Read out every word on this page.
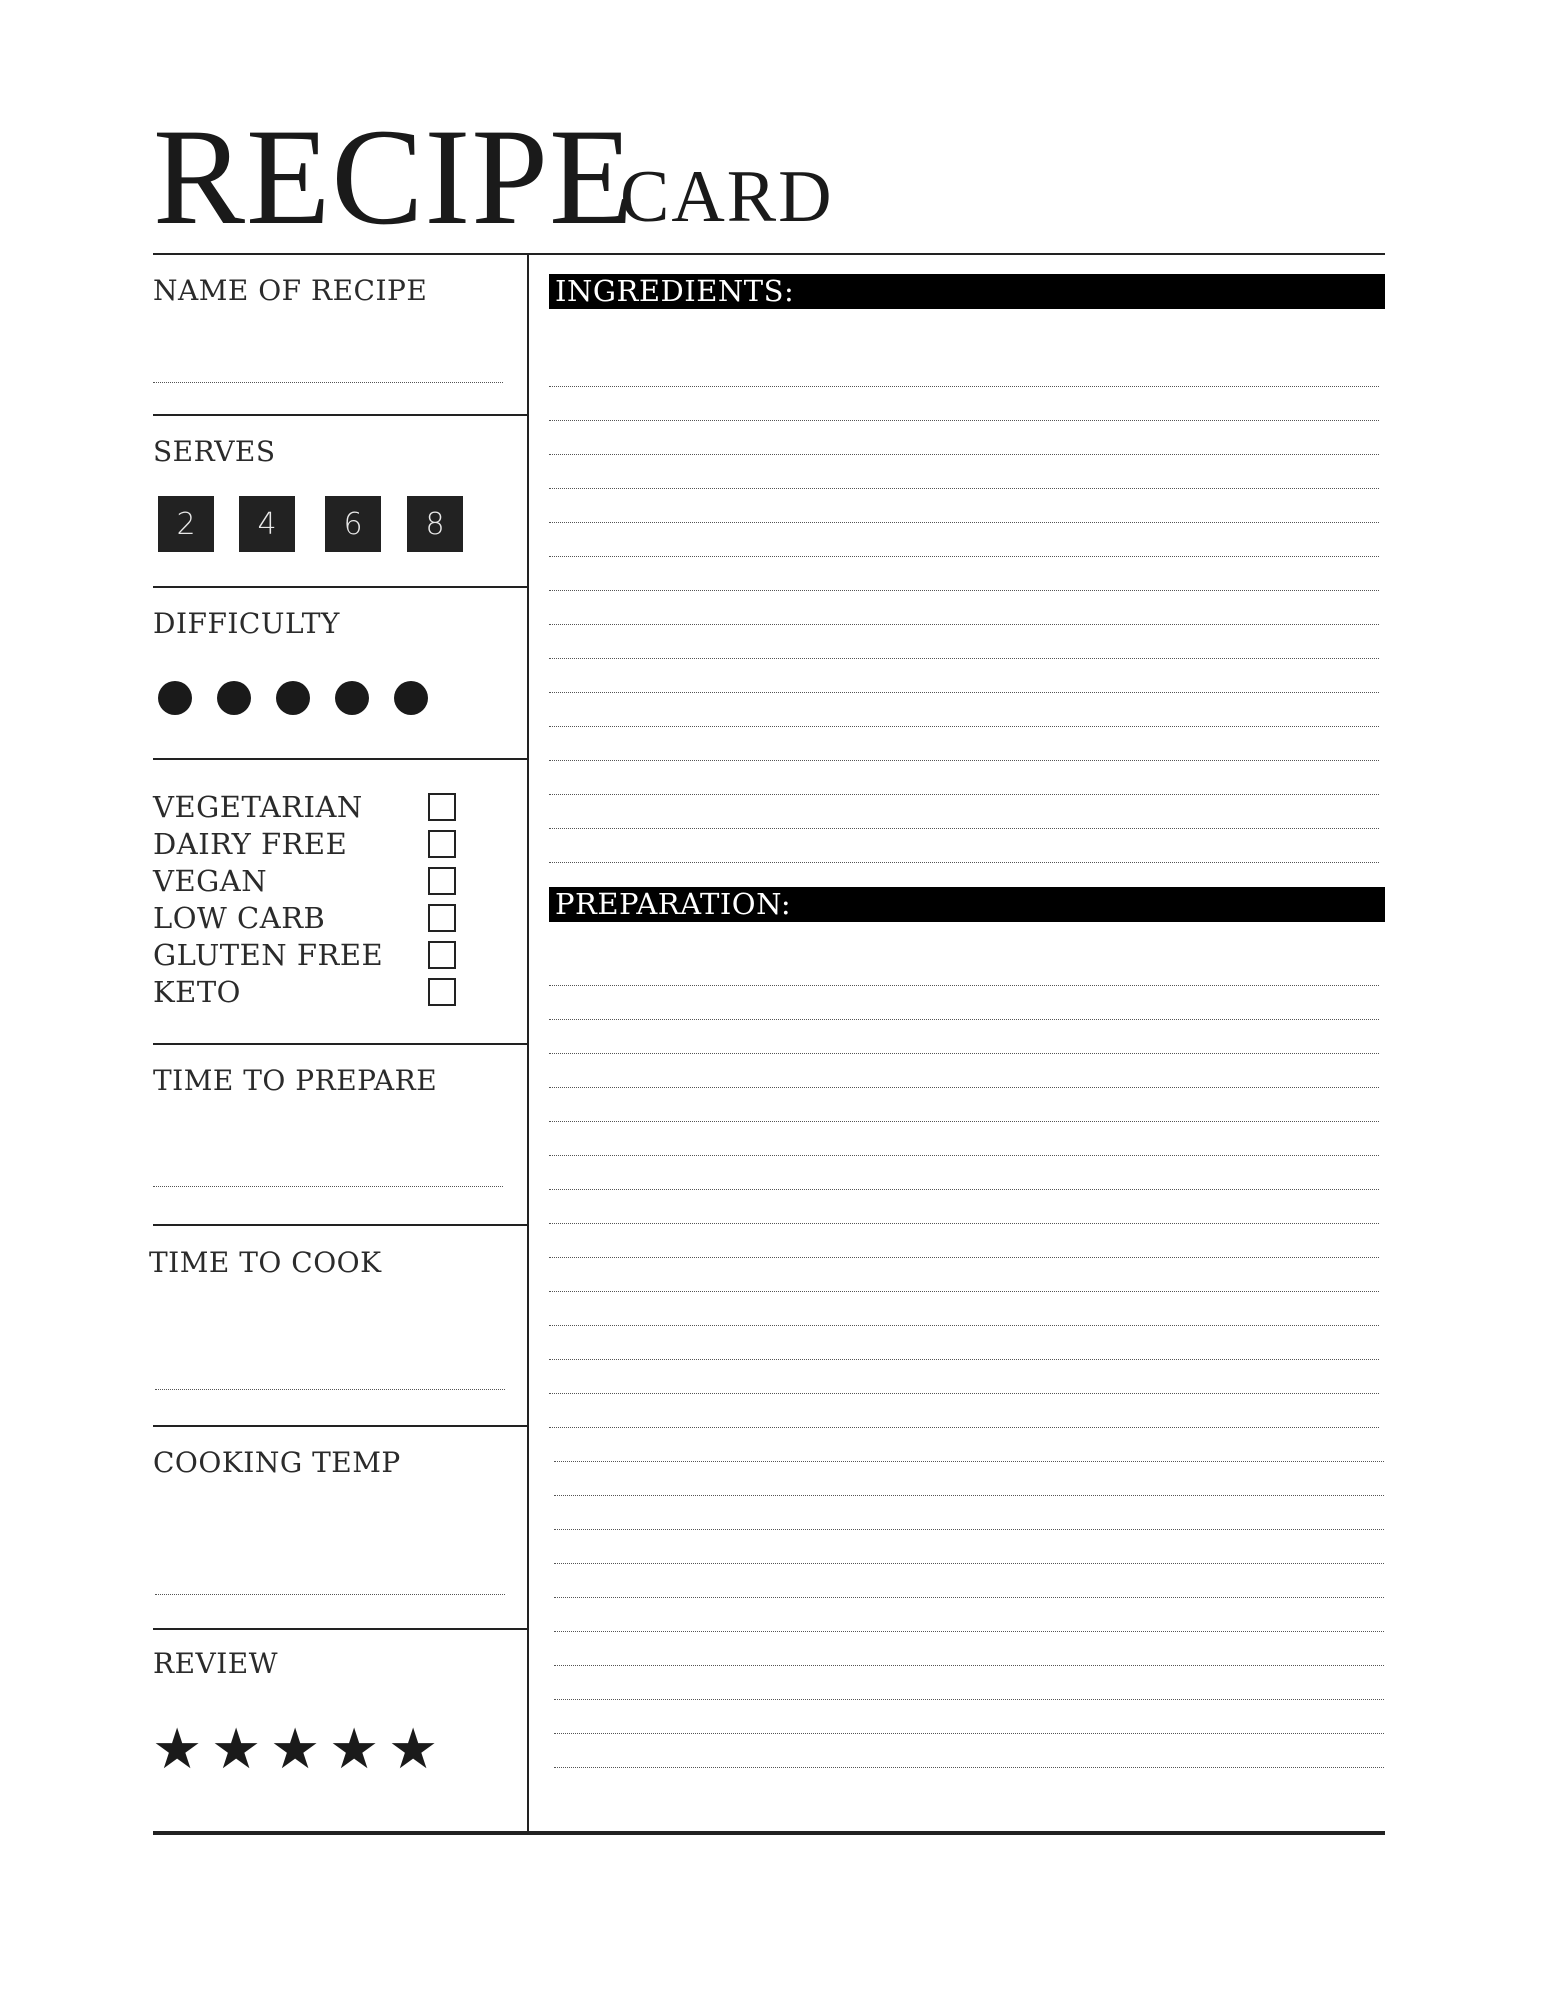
RECIPE
CARD
NAME OF RECIPE
SERVES
2	4	6	8
DIFFICULTY
VEGETARIAN
DAIRY FREE
VEGAN
LOW CARB
GLUTEN FREE
KETO
TIME TO PREPARE
TIME TO COOK
COOKING TEMP
REVIEW
★ ★ ★ ★ ★
INGREDIENTS:
PREPARATION:
